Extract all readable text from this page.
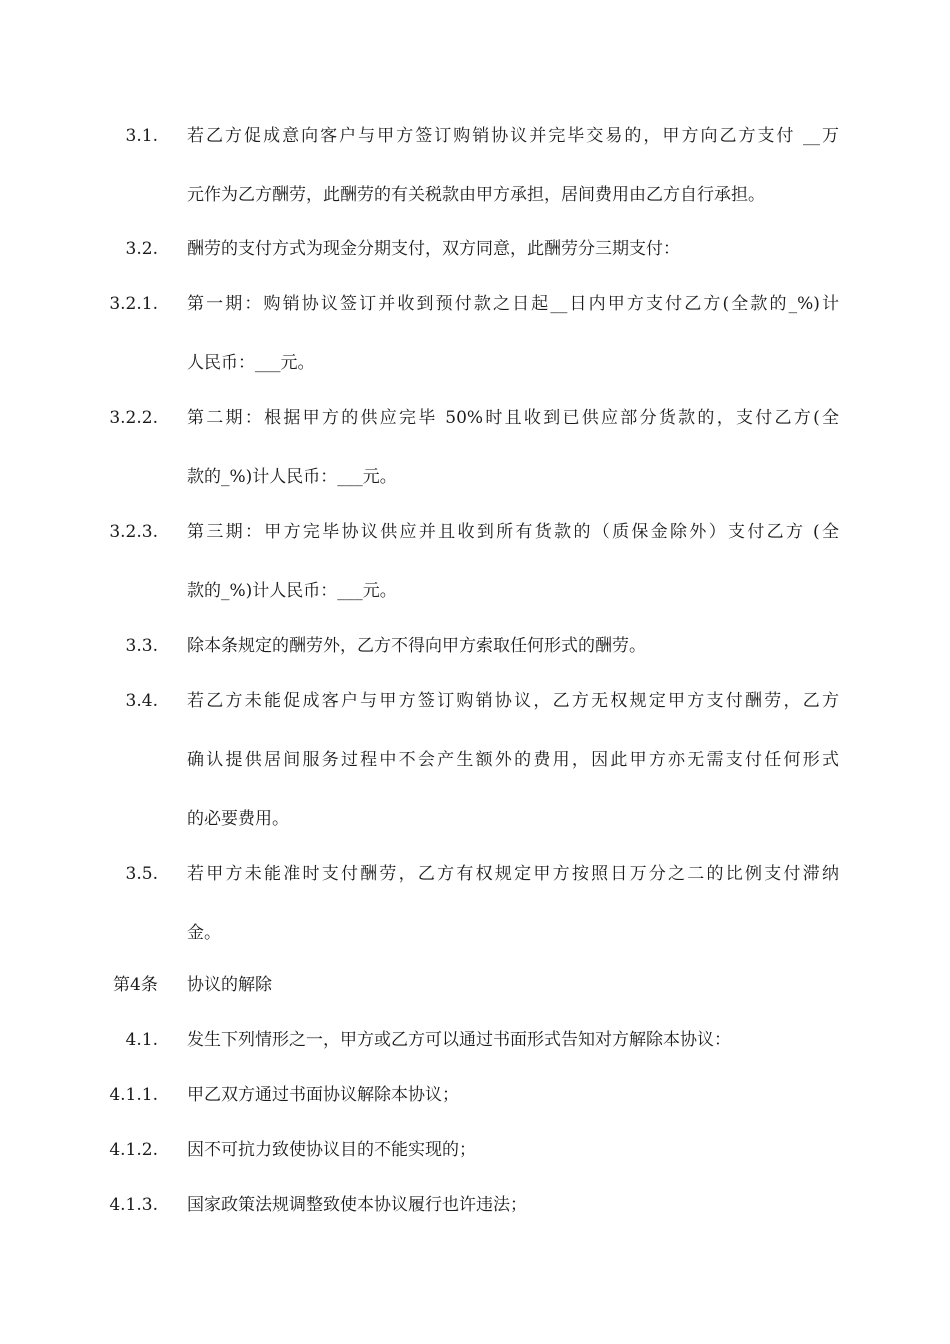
3.1. 若乙方促成意向客户与甲方签订购销协议并完毕交易的，甲方向乙方支付 __万
元作为乙方酬劳，此酬劳的有关税款由甲方承担，居间费用由乙方自行承担。
3.2. 酬劳的支付方式为现金分期支付，双方同意，此酬劳分三期支付：
3.2.1. 第一期：购销协议签订并收到预付款之日起__日内甲方支付乙方(全款的_%)计
人民币：___元。
3.2.2. 第二期：根据甲方的供应完毕 50%时且收到已供应部分货款的，支付乙方(全
款的_%)计人民币：___元。
3.2.3. 第三期：甲方完毕协议供应并且收到所有货款的（质保金除外）支付乙方 (全
款的_%)计人民币：___元。
3.3. 除本条规定的酬劳外，乙方不得向甲方索取任何形式的酬劳。
3.4. 若乙方未能促成客户与甲方签订购销协议，乙方无权规定甲方支付酬劳，乙方
确认提供居间服务过程中不会产生额外的费用，因此甲方亦无需支付任何形式
的必要费用。
3.5. 若甲方未能准时支付酬劳，乙方有权规定甲方按照日万分之二的比例支付滞纳
金。
第4条	协议的解除
4.1. 发生下列情形之一，甲方或乙方可以通过书面形式告知对方解除本协议：
4.1.1. 甲乙双方通过书面协议解除本协议；
4.1.2. 因不可抗力致使协议目的不能实现的；
4.1.3. 国家政策法规调整致使本协议履行也许违法；
